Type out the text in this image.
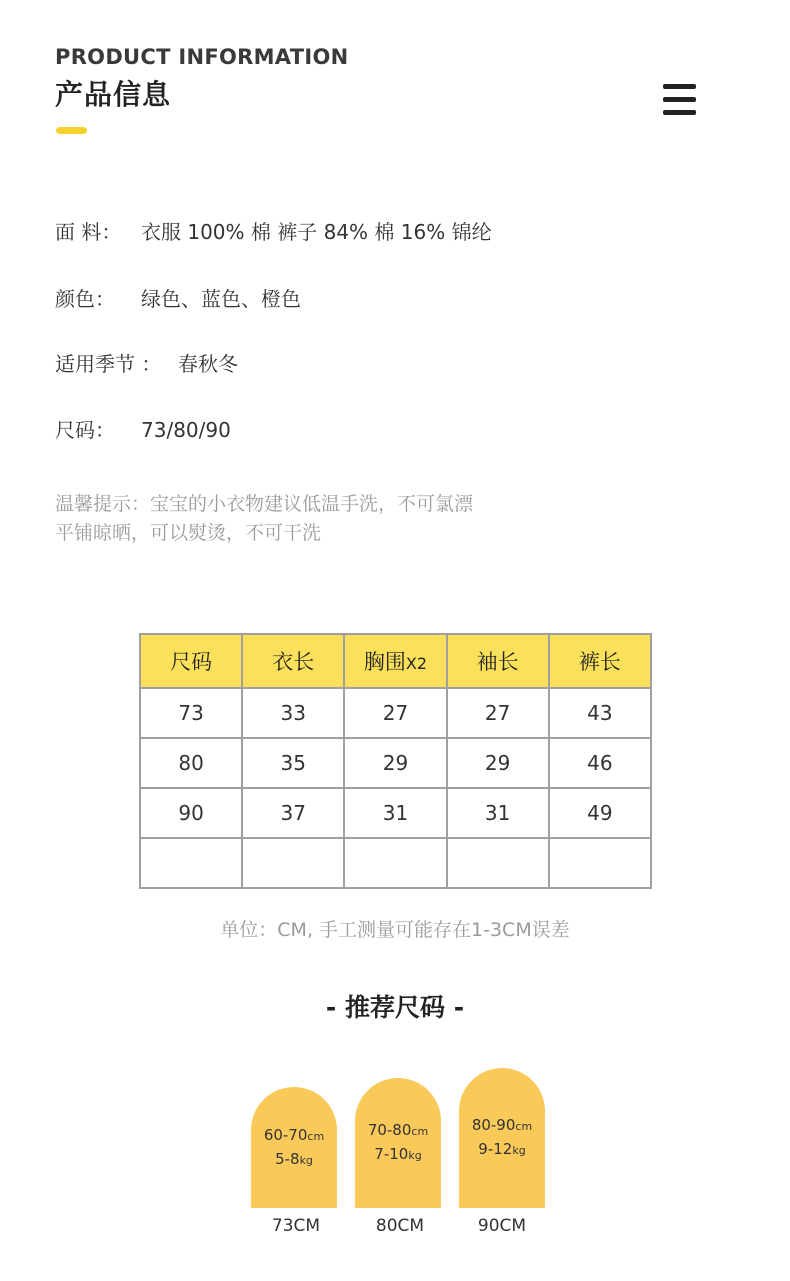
PRODUCT INFORMATION
产品信息
面 料： 衣服 100% 棉 裤子 84% 棉 16% 锦纶
颜色： 绿色、蓝色、橙色
适用季节 ： 春秋冬
尺码： 73/80/90
温馨提示：宝宝的小衣物建议低温手洗，不可氯漂
平铺晾晒，可以熨烫，不可干洗
尺码	衣长	胸围X2	袖长	裤长
73	33	27	27	43
80	35	29	29	46
90	37	31	31	49

单位：CM, 手工测量可能存在1-3CM误差
- 推荐尺码 -
60-70cm
5-8kg
73CM
70-80cm
7-10kg
80CM
80-90cm
9-12kg
90CM
